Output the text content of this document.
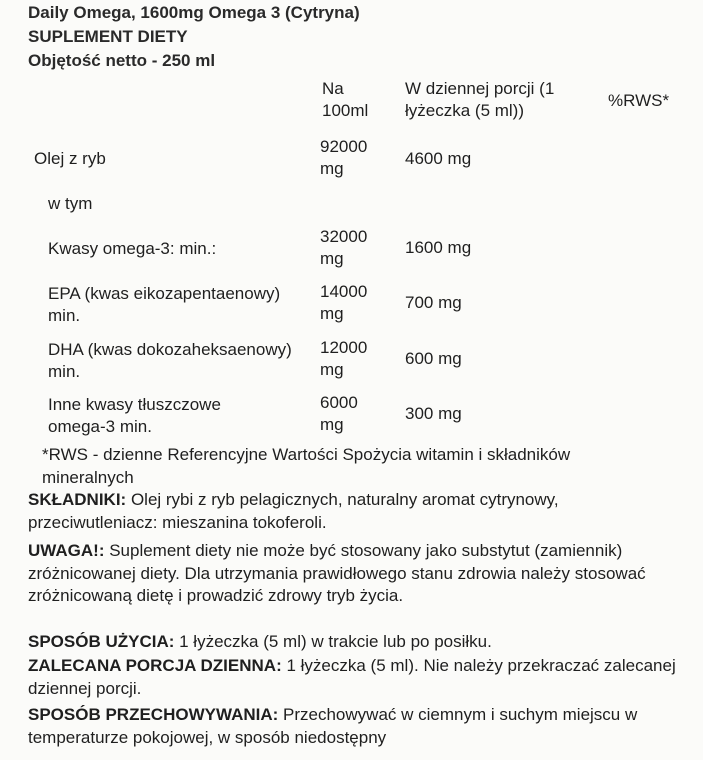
Daily Omega, 1600mg Omega 3 (Cytryna)
SUPLEMENT DIETY
Objętość netto - 250 ml
Na 100ml
W dziennej porcji (1 łyżeczka (5 ml))
%RWS*
Olej z ryb
92000 mg
4600 mg
w tym
Kwasy omega-3: min.:
32000 mg
1600 mg
EPA (kwas eikozapentaenowy) min.
14000 mg
700 mg
DHA (kwas dokozaheksaenowy) min.
12000 mg
600 mg
Inne kwasy tłuszczowe omega-3 min.
6000 mg
300 mg
*RWS - dzienne Referencyjne Wartości Spożycia witamin i składników mineralnych
SKŁADNIKI: Olej rybi z ryb pelagicznych, naturalny aromat cytrynowy, przeciwutleniacz: mieszanina tokoferoli.
UWAGA!: Suplement diety nie może być stosowany jako substytut (zamiennik) zróżnicowanej diety. Dla utrzymania prawidłowego stanu zdrowia należy stosować zróżnicowaną dietę i prowadzić zdrowy tryb życia.
SPOSÓB UŻYCIA: 1 łyżeczka (5 ml) w trakcie lub po posiłku.
ZALECANA PORCJA DZIENNA: 1 łyżeczka (5 ml). Nie należy przekraczać zalecanej dziennej porcji.
SPOSÓB PRZECHOWYWANIA: Przechowywać w ciemnym i suchym miejscu w temperaturze pokojowej, w sposób niedostępny
